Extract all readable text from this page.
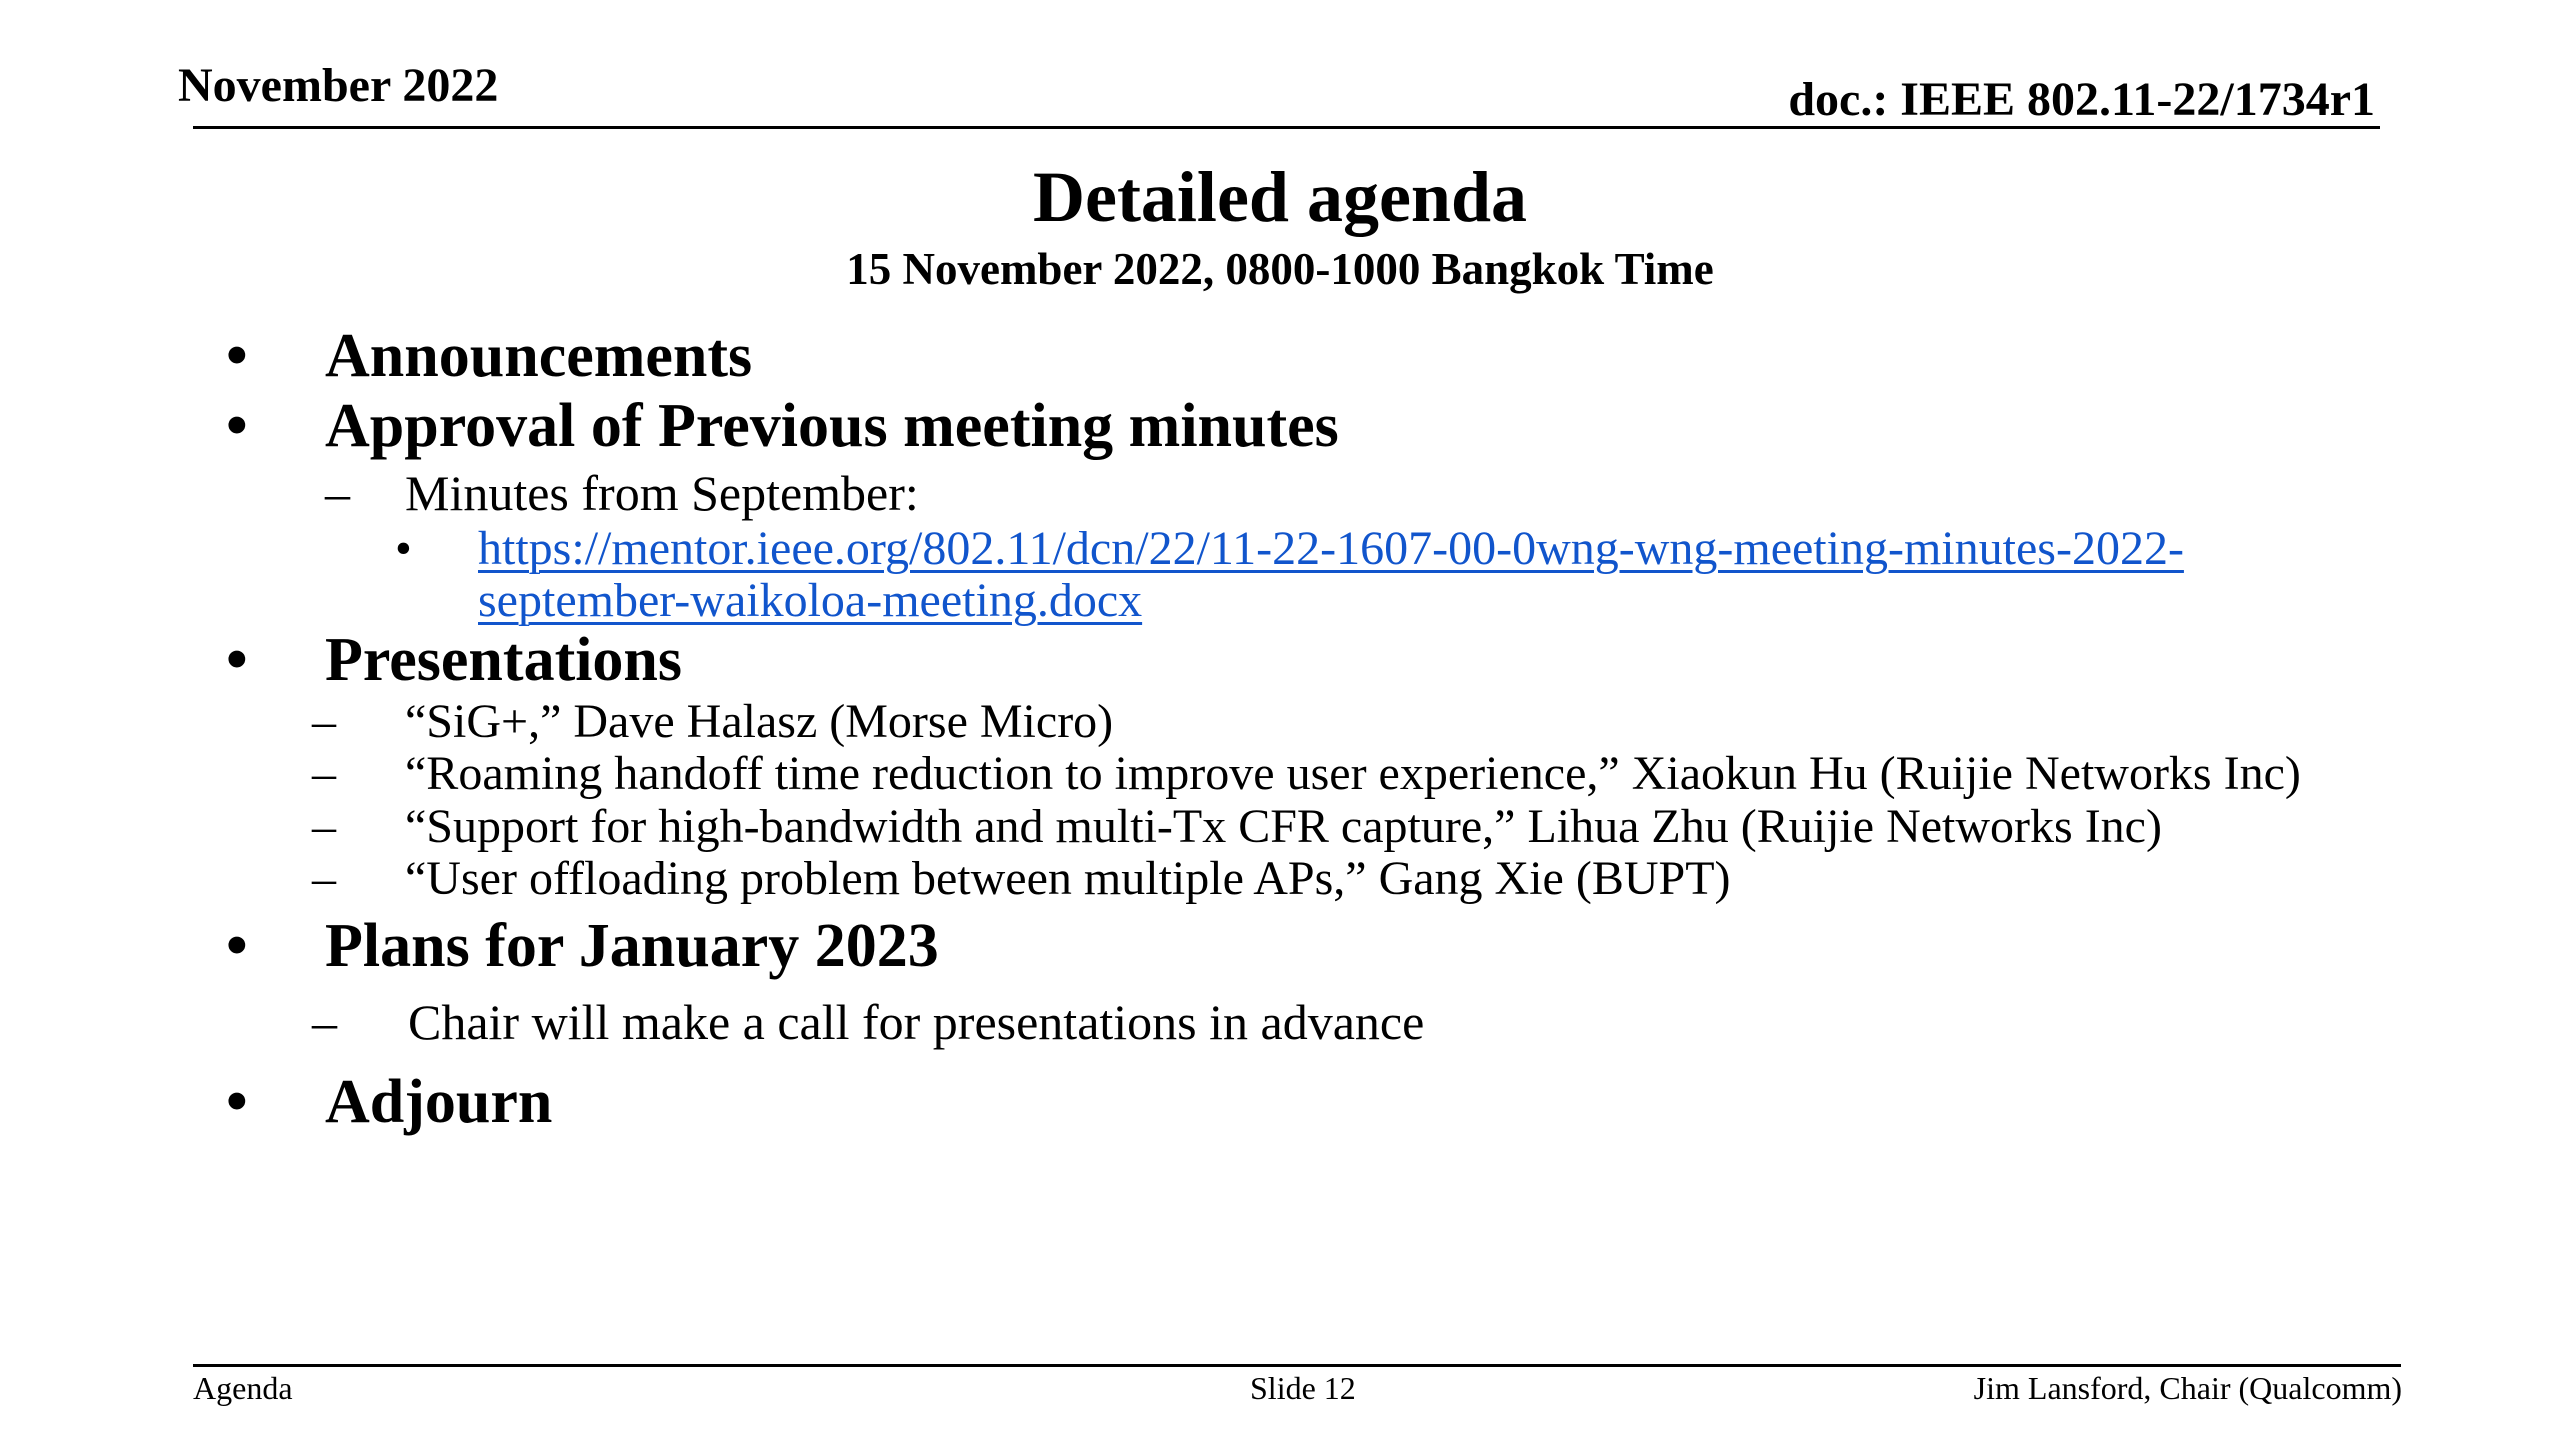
November 2022	doc.: IEEE 802.11-22/1734r1
Detailed agenda
15 November 2022, 0800-1000 Bangkok Time
• Announcements
• Approval of Previous meeting minutes
– Minutes from September:
• https://mentor.ieee.org/802.11/dcn/22/11-22-1607-00-0wng-wng-meeting-minutes-2022-
september-waikoloa-meeting.docx
• Presentations
– “SiG+,” Dave Halasz (Morse Micro)
– “Roaming handoff time reduction to improve user experience,” Xiaokun Hu (Ruijie Networks Inc)
– “Support for high-bandwidth and multi-Tx CFR capture,” Lihua Zhu (Ruijie Networks Inc)
– “User offloading problem between multiple APs,” Gang Xie (BUPT)
• Plans for January 2023
– Chair will make a call for presentations in advance
• Adjourn
Agenda	Slide 12	Jim Lansford, Chair (Qualcomm)
